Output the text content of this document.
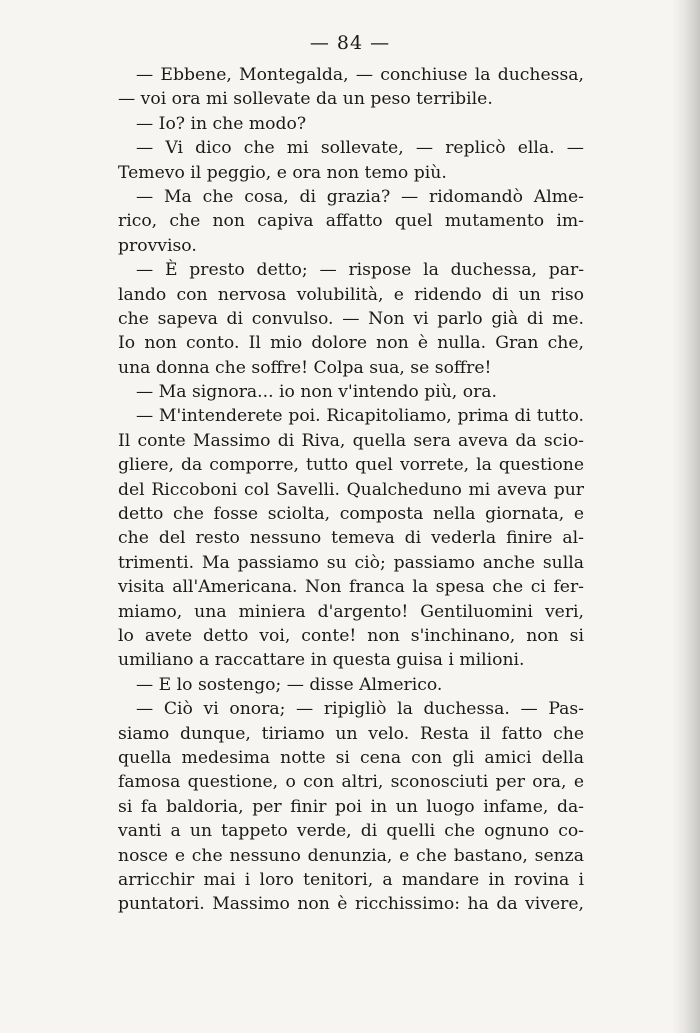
— 84 —
— Ebbene, Montegalda, — conchiuse la duchessa,
— voi ora mi sollevate da un peso terribile.
— Io? in che modo?
— Vi dico che mi sollevate, — replicò ella. —
Temevo il peggio, e ora non temo più.
— Ma che cosa, di grazia? — ridomandò Alme-
rico, che non capiva affatto quel mutamento im-
provviso.
— È presto detto; — rispose la duchessa, par-
lando con nervosa volubilità, e ridendo di un riso
che sapeva di convulso. — Non vi parlo già di me.
Io non conto. Il mio dolore non è nulla. Gran che,
una donna che soffre! Colpa sua, se soffre!
— Ma signora... io non v'intendo più, ora.
— M'intenderete poi. Ricapitoliamo, prima di tutto.
Il conte Massimo di Riva, quella sera aveva da scio-
gliere, da comporre, tutto quel vorrete, la questione
del Riccoboni col Savelli. Qualcheduno mi aveva pur
detto che fosse sciolta, composta nella giornata, e
che del resto nessuno temeva di vederla finire al-
trimenti. Ma passiamo su ciò; passiamo anche sulla
visita all'Americana. Non franca la spesa che ci fer-
miamo, una miniera d'argento! Gentiluomini veri,
lo avete detto voi, conte! non s'inchinano, non si
umiliano a raccattare in questa guisa i milioni.
— E lo sostengo; — disse Almerico.
— Ciò vi onora; — ripigliò la duchessa. — Pas-
siamo dunque, tiriamo un velo. Resta il fatto che
quella medesima notte si cena con gli amici della
famosa questione, o con altri, sconosciuti per ora, e
si fa baldoria, per finir poi in un luogo infame, da-
vanti a un tappeto verde, di quelli che ognuno co-
nosce e che nessuno denunzia, e che bastano, senza
arricchir mai i loro tenitori, a mandare in rovina i
puntatori. Massimo non è ricchissimo: ha da vivere,
